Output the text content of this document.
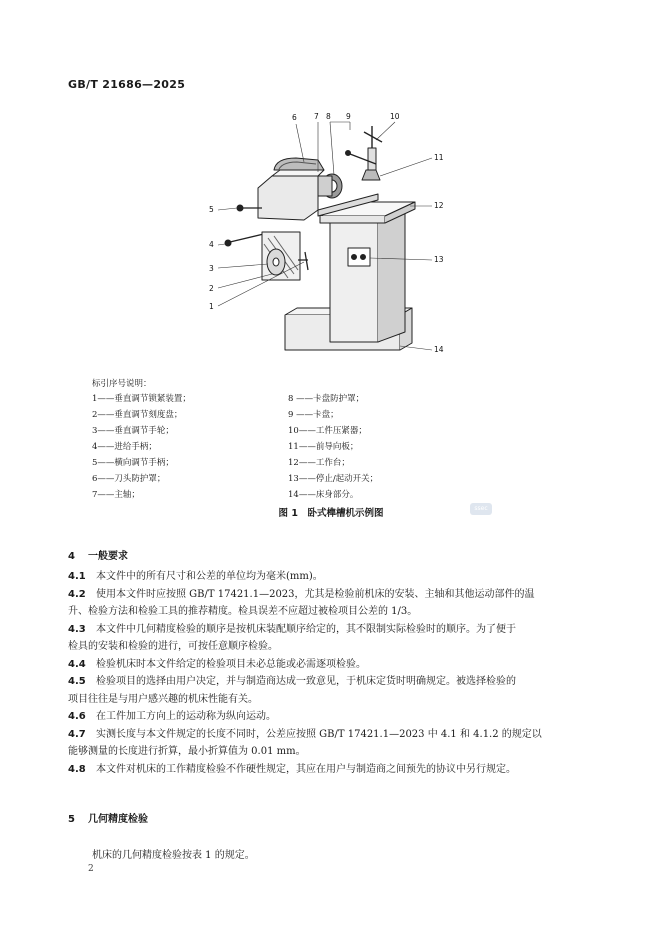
GB/T 21686—2025
6 7 8 9	10
11
12
13
14
5
4
3
2
1
标引序号说明：
1——垂直调节锁紧装置；
2——垂直调节刻度盘；
3——垂直调节手轮；
4——进给手柄；
5——横向调节手柄；
6——刀头防护罩；
7——主轴；
8 ——卡盘防护罩；
9 ——卡盘；
10——工件压紧器；
11——前导向板；
12——工作台；
13——停止/起动开关；
14——床身部分。
图 1　卧式榫槽机示例图	ssec
4 一般要求

4.1 本文件中的所有尺寸和公差的单位均为毫米(mm)。

4.2 使用本文件时应按照 GB/T 17421.1—2023，尤其是检验前机床的安装、主轴和其他运动部件的温

升、检验方法和检验工具的推荐精度。检具误差不应超过被检项目公差的 1/3。

4.3 本文件中几何精度检验的顺序是按机床装配顺序给定的，其不限制实际检验时的顺序。为了便于

检具的安装和检验的进行，可按任意顺序检验。

4.4 检验机床时本文件给定的检验项目未必总能或必需逐项检验。

4.5 检验项目的选择由用户决定，并与制造商达成一致意见，于机床定货时明确规定。被选择检验的

项目往往是与用户感兴趣的机床性能有关。

4.6 在工件加工方向上的运动称为纵向运动。

4.7 实测长度与本文件规定的长度不同时，公差应按照 GB/T 17421.1—2023 中 4.1 和 4.1.2 的规定以

能够测量的长度进行折算，最小折算值为 0.01 mm。

4.8 本文件对机床的工作精度检验不作硬性规定，其应在用户与制造商之间预先的协议中另行规定。

5 几何精度检验
机床的几何精度检验按表 1 的规定。
2
